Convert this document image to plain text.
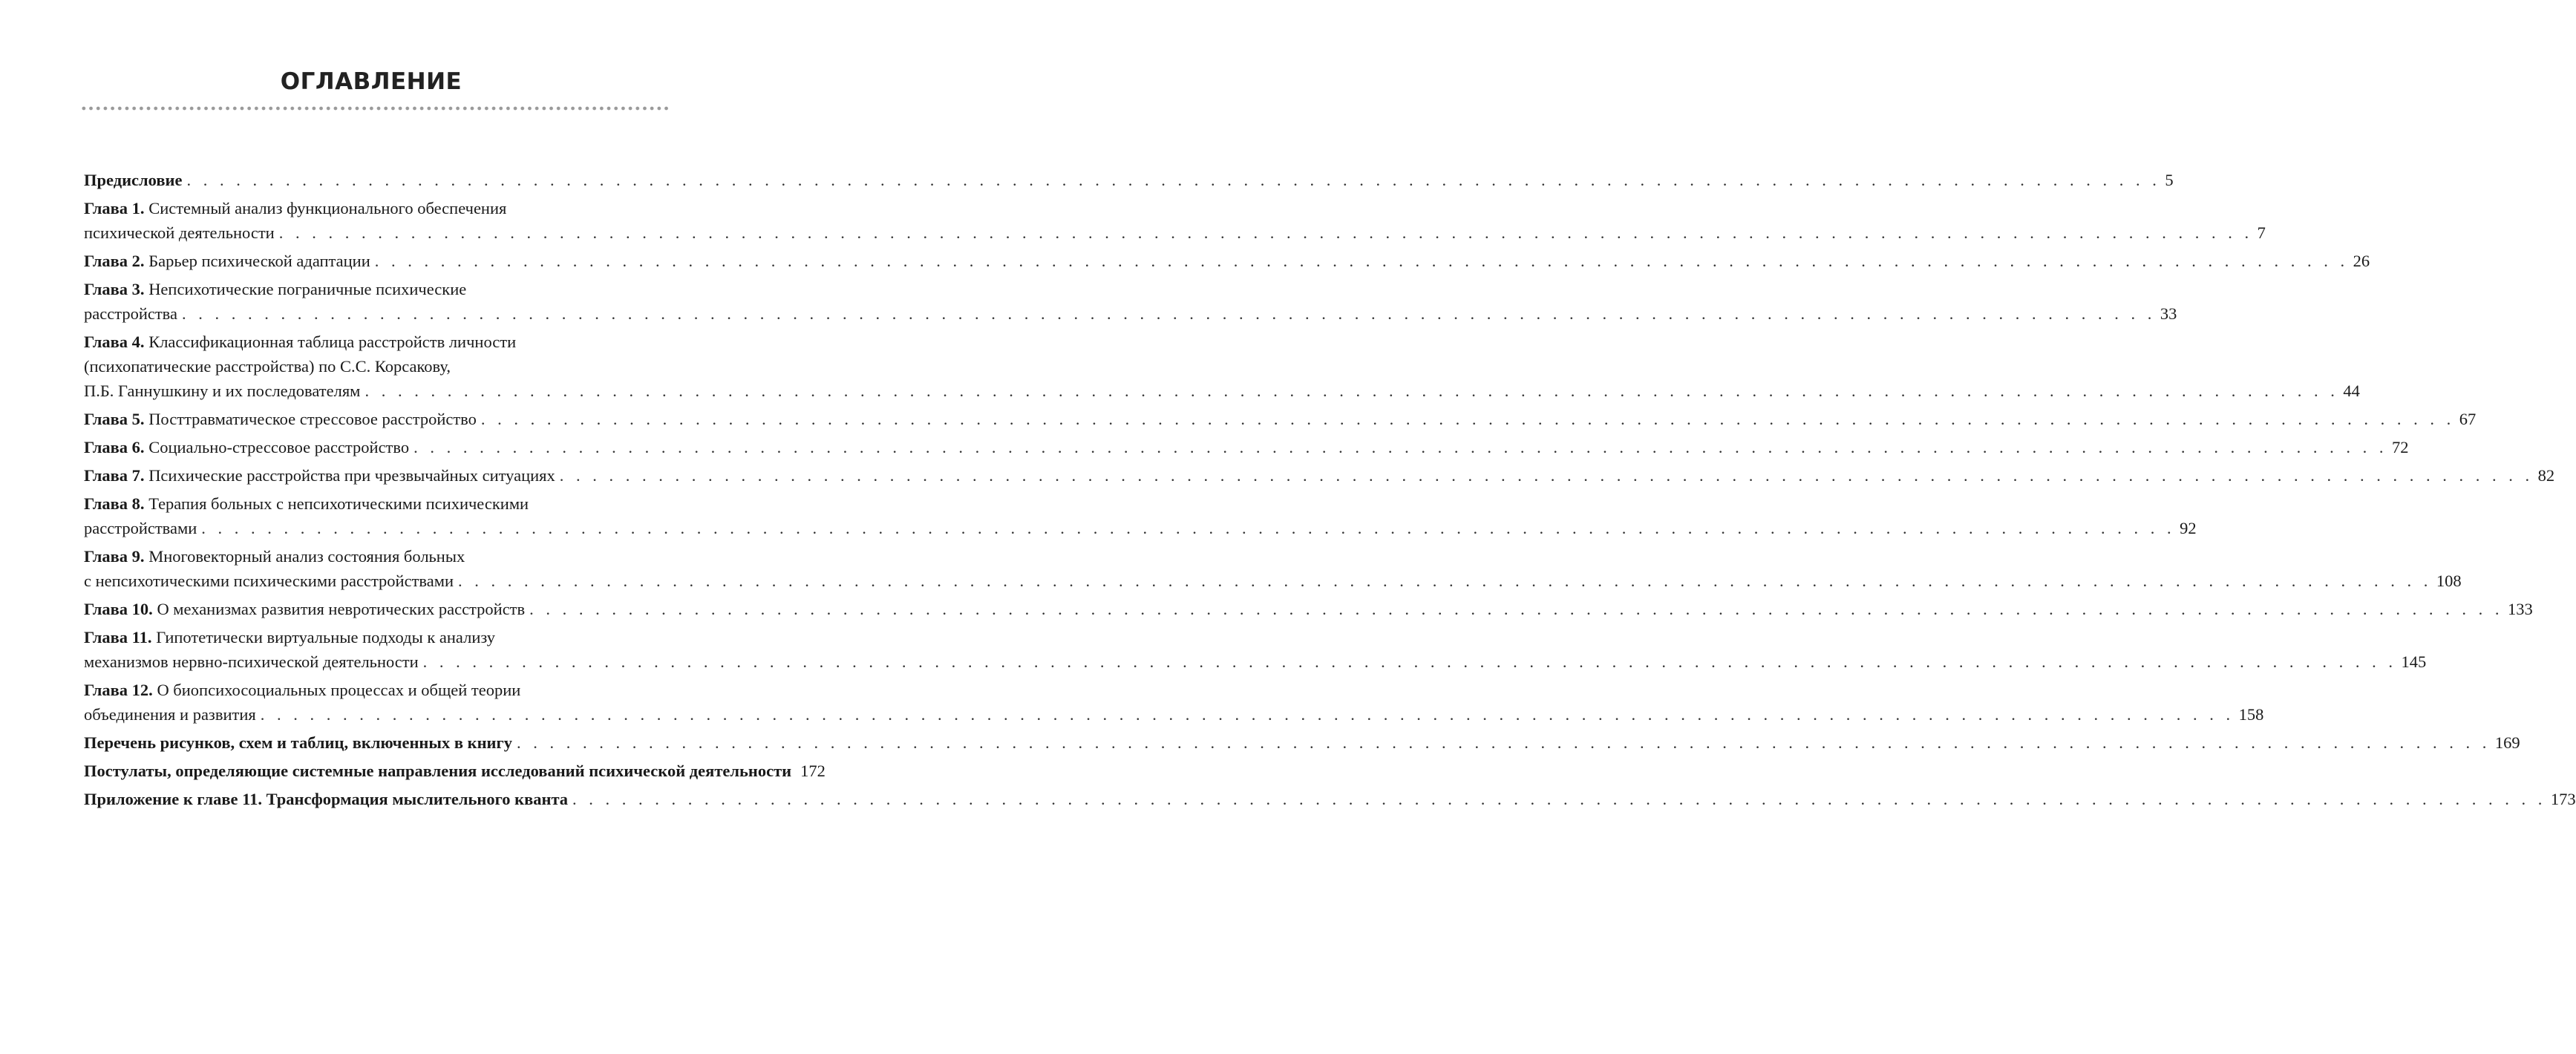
ОГЛАВЛЕНИЕ
Предисловие . . . . . . . . . . . . . . . . . . . . . . . . . . . . . . . . . . . . . . . . . . . . . . . . . . . . . . . . . . . . . . . . . . . . . . . . . . . . . . . . . . . . . . . . . . . . . . . . . . . . . . . . . . . . . . . . . . . . . . . . 5
Глава 1. Системный анализ функционального обеспечения
психической деятельности . . . . . . . . . . . . . . . . . . . . . . . . . . . . . . . . . . . . . . . . . . . . . . . . . . . . . . . . . . . . . . . . . . . . . . . . . . . . . . . . . . . . . . . . . . . . . . . . . . . . . . . . . . . . . . . . . . . . . . . . 7
Глава 2. Барьер психической адаптации . . . . . . . . . . . . . . . . . . . . . . . . . . . . . . . . . . . . . . . . . . . . . . . . . . . . . . . . . . . . . . . . . . . . . . . . . . . . . . . . . . . . . . . . . . . . . . . . . . . . . . . . . . . . . . . . . . . . . . . . 26
Глава 3. Непсихотические пограничные психические
расстройства . . . . . . . . . . . . . . . . . . . . . . . . . . . . . . . . . . . . . . . . . . . . . . . . . . . . . . . . . . . . . . . . . . . . . . . . . . . . . . . . . . . . . . . . . . . . . . . . . . . . . . . . . . . . . . . . . . . . . . . . 33
Глава 4. Классификационная таблица расстройств личности
(психопатические расстройства) по С.С. Корсакову,
П.Б. Ганнушкину и их последователям . . . . . . . . . . . . . . . . . . . . . . . . . . . . . . . . . . . . . . . . . . . . . . . . . . . . . . . . . . . . . . . . . . . . . . . . . . . . . . . . . . . . . . . . . . . . . . . . . . . . . . . . . . . . . . . . . . . . . . . . 44
Глава 5. Посттравматическое стрессовое расстройство . . . . . . . . . . . . . . . . . . . . . . . . . . . . . . . . . . . . . . . . . . . . . . . . . . . . . . . . . . . . . . . . . . . . . . . . . . . . . . . . . . . . . . . . . . . . . . . . . . . . . . . . . . . . . . . . . . . . . . . . 67
Глава 6. Социально-стрессовое расстройство . . . . . . . . . . . . . . . . . . . . . . . . . . . . . . . . . . . . . . . . . . . . . . . . . . . . . . . . . . . . . . . . . . . . . . . . . . . . . . . . . . . . . . . . . . . . . . . . . . . . . . . . . . . . . . . . . . . . . . . . 72
Глава 7. Психические расстройства при чрезвычайных ситуациях . . . . . . . . . . . . . . . . . . . . . . . . . . . . . . . . . . . . . . . . . . . . . . . . . . . . . . . . . . . . . . . . . . . . . . . . . . . . . . . . . . . . . . . . . . . . . . . . . . . . . . . . . . . . . . . . . . . . . . . . 82
Глава 8. Терапия больных с непсихотическими психическими
расстройствами . . . . . . . . . . . . . . . . . . . . . . . . . . . . . . . . . . . . . . . . . . . . . . . . . . . . . . . . . . . . . . . . . . . . . . . . . . . . . . . . . . . . . . . . . . . . . . . . . . . . . . . . . . . . . . . . . . . . . . . . 92
Глава 9. Многовекторный анализ состояния больных
с непсихотическими психическими расстройствами . . . . . . . . . . . . . . . . . . . . . . . . . . . . . . . . . . . . . . . . . . . . . . . . . . . . . . . . . . . . . . . . . . . . . . . . . . . . . . . . . . . . . . . . . . . . . . . . . . . . . . . . . . . . . . . . . . . . . . . . 108
Глава 10. О механизмах развития невротических расстройств . . . . . . . . . . . . . . . . . . . . . . . . . . . . . . . . . . . . . . . . . . . . . . . . . . . . . . . . . . . . . . . . . . . . . . . . . . . . . . . . . . . . . . . . . . . . . . . . . . . . . . . . . . . . . . . . . . . . . . . . 133
Глава 11. Гипотетически виртуальные подходы к анализу
механизмов нервно-психической деятельности . . . . . . . . . . . . . . . . . . . . . . . . . . . . . . . . . . . . . . . . . . . . . . . . . . . . . . . . . . . . . . . . . . . . . . . . . . . . . . . . . . . . . . . . . . . . . . . . . . . . . . . . . . . . . . . . . . . . . . . . 145
Глава 12. О биопсихосоциальных процессах и общей теории
объединения и развития . . . . . . . . . . . . . . . . . . . . . . . . . . . . . . . . . . . . . . . . . . . . . . . . . . . . . . . . . . . . . . . . . . . . . . . . . . . . . . . . . . . . . . . . . . . . . . . . . . . . . . . . . . . . . . . . . . . . . . . . 158
Перечень рисунков, схем и таблиц, включенных в книгу . . . . . . . . . . . . . . . . . . . . . . . . . . . . . . . . . . . . . . . . . . . . . . . . . . . . . . . . . . . . . . . . . . . . . . . . . . . . . . . . . . . . . . . . . . . . . . . . . . . . . . . . . . . . . . . . . . . . . . . . 169
Постулаты, определяющие системные направления исследований психической деятельности 172
Приложение к главе 11. Трансформация мыслительного кванта . . . . . . . . . . . . . . . . . . . . . . . . . . . . . . . . . . . . . . . . . . . . . . . . . . . . . . . . . . . . . . . . . . . . . . . . . . . . . . . . . . . . . . . . . . . . . . . . . . . . . . . . . . . . . . . . . . . . . . . . 173
